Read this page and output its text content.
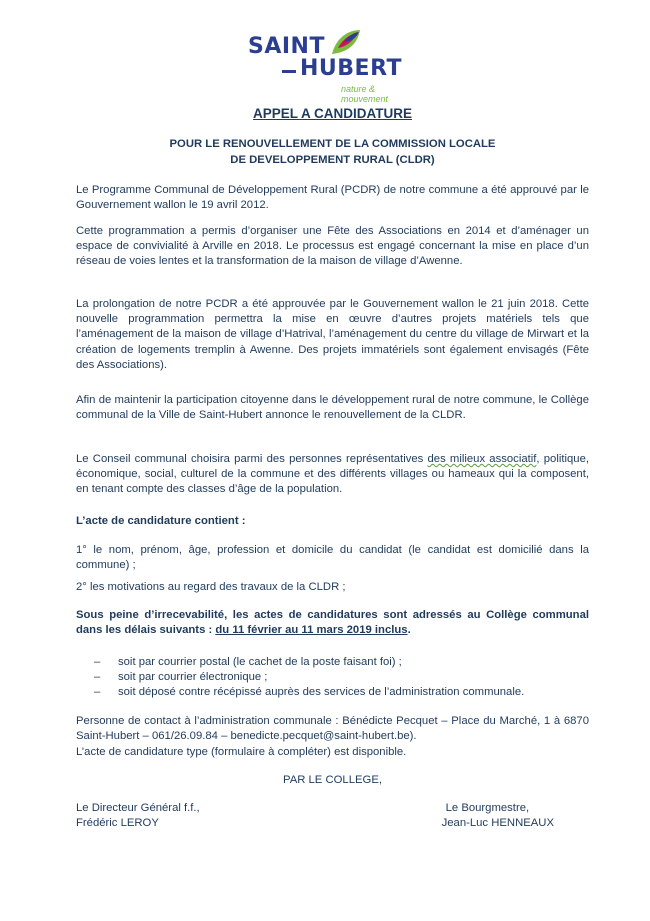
SAINT
HUBERT
nature & mouvement
APPEL A CANDIDATURE
POUR LE RENOUVELLEMENT DE LA COMMISSION LOCALE
DE DEVELOPPEMENT RURAL (CLDR)

Le Programme Communal de Développement Rural (PCDR) de notre commune a été approuvé par le Gouvernement wallon le 19 avril 2012.

Cette programmation a permis d’organiser une Fête des Associations en 2014 et d’aménager un espace de convivialité à Arville en 2018. Le processus est engagé concernant la mise en place d’un réseau de voies lentes et la transformation de la maison de village d’Awenne.

La prolongation de notre PCDR a été approuvée par le Gouvernement wallon le 21 juin 2018. Cette nouvelle programmation permettra la mise en œuvre d’autres projets matériels tels que l’aménagement de la maison de village d’Hatrival, l’aménagement du centre du village de Mirwart et la création de logements tremplin à Awenne. Des projets immatériels sont également envisagés (Fête des Associations).

Afin de maintenir la participation citoyenne dans le développement rural de notre commune, le Collège communal de la Ville de Saint-Hubert annonce le renouvellement de la CLDR.

Le Conseil communal choisira parmi des personnes représentatives des milieux associatif, politique, économique, social, culturel de la commune et des différents villages ou hameaux qui la composent, en tenant compte des classes d’âge de la population.

L’acte de candidature contient :

1° le nom, prénom, âge, profession et domicile du candidat (le candidat est domicilié dans la commune) ;

2° les motivations au regard des travaux de la CLDR ;

Sous peine d’irrecevabilité, les actes de candidatures sont adressés au Collège communal dans les délais suivants : du 11 février au 11 mars 2019 inclus.

– soit par courrier postal (le cachet de la poste faisant foi) ;
– soit par courrier électronique ;
– soit déposé contre récépissé auprès des services de l’administration communale.

Personne de contact à l’administration communale : Bénédicte Pecquet – Place du Marché, 1 à 6870 Saint-Hubert – 061/26.09.84 – benedicte.pecquet@saint-hubert.be).

L’acte de candidature type (formulaire à compléter) est disponible.

PAR LE COLLEGE,
Le Directeur Général f.f.,
Frédéric LEROY
Le Bourgmestre,
Jean-Luc HENNEAUX
